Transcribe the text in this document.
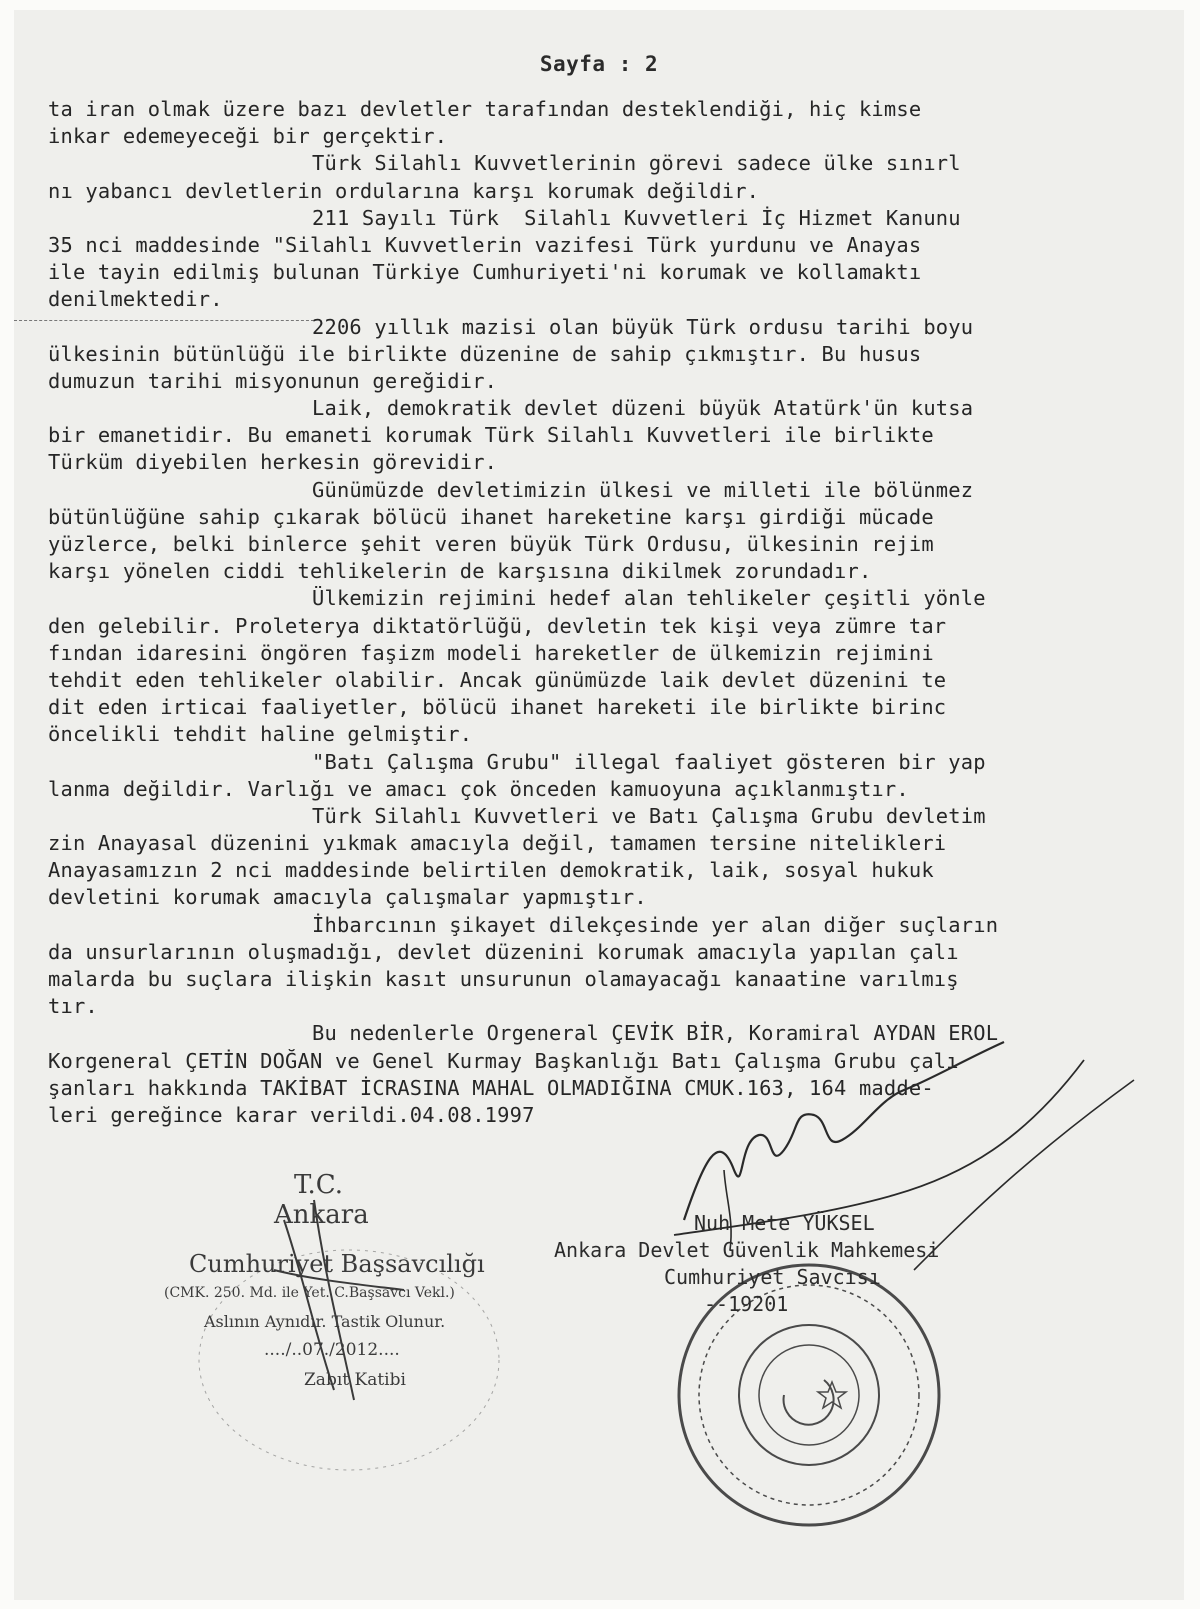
Sayfa : 2
ta iran olmak üzere bazı devletler tarafından desteklendiği, hiç kimse
inkar edemeyeceği bir gerçektir.
Türk Silahlı Kuvvetlerinin görevi sadece ülke sınırl
nı yabancı devletlerin ordularına karşı korumak değildir.
211 Sayılı Türk  Silahlı Kuvvetleri İç Hizmet Kanunu
35 nci maddesinde "Silahlı Kuvvetlerin vazifesi Türk yurdunu ve Anayas
ile tayin edilmiş bulunan Türkiye Cumhuriyeti'ni korumak ve kollamaktı
denilmektedir.
2206 yıllık mazisi olan büyük Türk ordusu tarihi boyu
ülkesinin bütünlüğü ile birlikte düzenine de sahip çıkmıştır. Bu husus
dumuzun tarihi misyonunun gereğidir.
Laik, demokratik devlet düzeni büyük Atatürk'ün kutsa
bir emanetidir. Bu emaneti korumak Türk Silahlı Kuvvetleri ile birlikte
Türküm diyebilen herkesin görevidir.
Günümüzde devletimizin ülkesi ve milleti ile bölünmez
bütünlüğüne sahip çıkarak bölücü ihanet hareketine karşı girdiği mücade
yüzlerce, belki binlerce şehit veren büyük Türk Ordusu, ülkesinin rejim
karşı yönelen ciddi tehlikelerin de karşısına dikilmek zorundadır.
Ülkemizin rejimini hedef alan tehlikeler çeşitli yönle
den gelebilir. Proleterya diktatörlüğü, devletin tek kişi veya zümre tar
fından idaresini öngören faşizm modeli hareketler de ülkemizin rejimini
tehdit eden tehlikeler olabilir. Ancak günümüzde laik devlet düzenini te
dit eden irticai faaliyetler, bölücü ihanet hareketi ile birlikte birinc
öncelikli tehdit haline gelmiştir.
"Batı Çalışma Grubu" illegal faaliyet gösteren bir yap
lanma değildir. Varlığı ve amacı çok önceden kamuoyuna açıklanmıştır.
Türk Silahlı Kuvvetleri ve Batı Çalışma Grubu devletim
zin Anayasal düzenini yıkmak amacıyla değil, tamamen tersine nitelikleri
Anayasamızın 2 nci maddesinde belirtilen demokratik, laik, sosyal hukuk
devletini korumak amacıyla çalışmalar yapmıştır.
İhbarcının şikayet dilekçesinde yer alan diğer suçların
da unsurlarının oluşmadığı, devlet düzenini korumak amacıyla yapılan çalı
malarda bu suçlara ilişkin kasıt unsurunun olamayacağı kanaatine varılmış
tır.
Bu nedenlerle Orgeneral ÇEVİK BİR, Koramiral AYDAN EROL
Korgeneral ÇETİN DOĞAN ve Genel Kurmay Başkanlığı Batı Çalışma Grubu çalı
şanları hakkında TAKİBAT İCRASINA MAHAL OLMADIĞINA CMUK.163, 164 madde-
leri gereğince karar verildi.04.08.1997
T.C.
Ankara
Cumhuriyet Başsavcılığı
(CMK. 250. Md. ile Yet. C.Başsavcı Vekl.)
Aslının Aynıdır. Tastik Olunur.
..../..07./2012....
Zabıt Katibi
Nuh Mete YÜKSEL
Ankara Devlet Güvenlik Mahkemesi
Cumhuriyet Savcısı
--19201
